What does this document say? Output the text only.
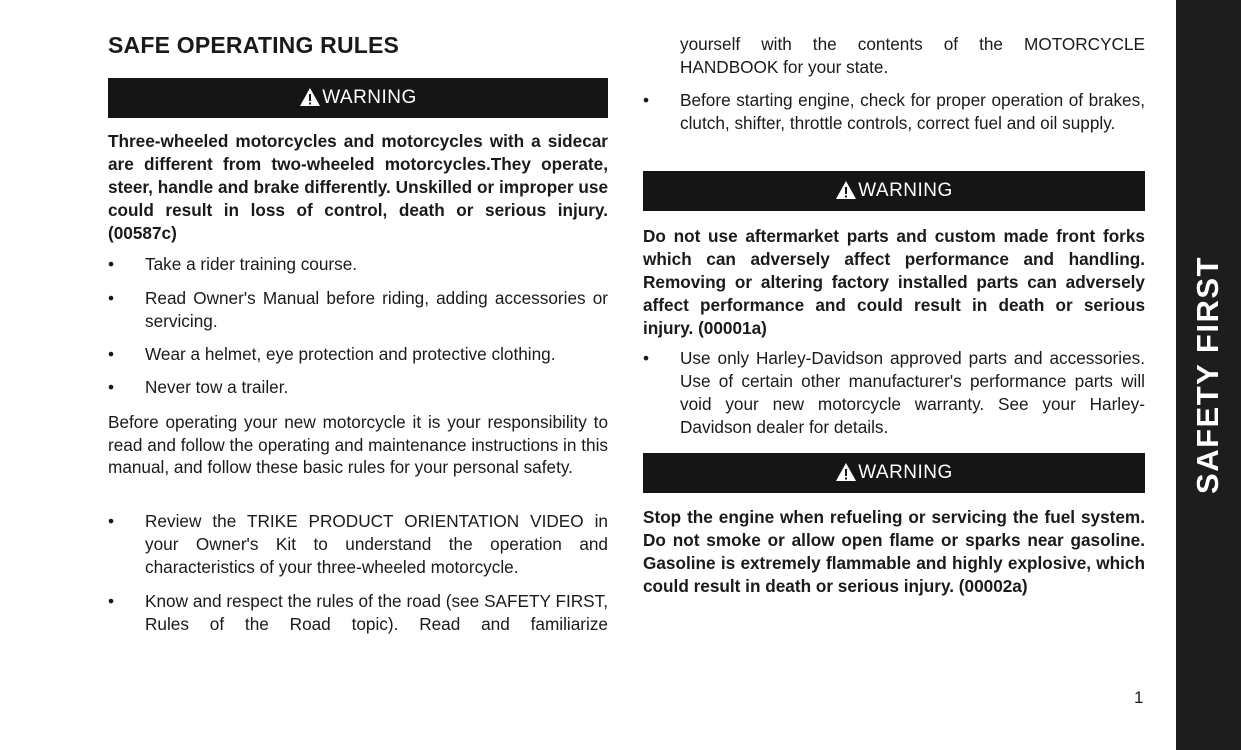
SAFE OPERATING RULES
WARNING

Three-wheeled motorcycles and motorcycles with a sidecar are different from two-wheeled motorcycles.They operate, steer, handle and brake differently. Unskilled or improper use could result in loss of control, death or serious injury. (00587c)

• Take a rider training course.
• Read Owner's Manual before riding, adding accessories or servicing.
• Wear a helmet, eye protection and protective clothing.
• Never tow a trailer.

Before operating your new motorcycle it is your responsibility to read and follow the operating and maintenance instructions in this manual, and follow these basic rules for your personal safety.

• Review the TRIKE PRODUCT ORIENTATION VIDEO in your Owner's Kit to understand the operation and characteristics of your three-wheeled motorcycle.
• Know and respect the rules of the road (see SAFETY FIRST, Rules of the Road topic). Read and familiarize

yourself with the contents of the MOTORCYCLE HANDBOOK for your state.

• Before starting engine, check for proper operation of brakes, clutch, shifter, throttle controls, correct fuel and oil supply.
WARNING

Do not use aftermarket parts and custom made front forks which can adversely affect performance and handling. Removing or altering factory installed parts can adversely affect performance and could result in death or serious injury. (00001a)

• Use only Harley-Davidson approved parts and accessories. Use of certain other manufacturer's performance parts will void your new motorcycle warranty. See your Harley-Davidson dealer for details.
WARNING

Stop the engine when refueling or servicing the fuel system. Do not smoke or allow open flame or sparks near gasoline. Gasoline is extremely flammable and highly explosive, which could result in death or serious injury. (00002a)

1
SAFETY FIRST
